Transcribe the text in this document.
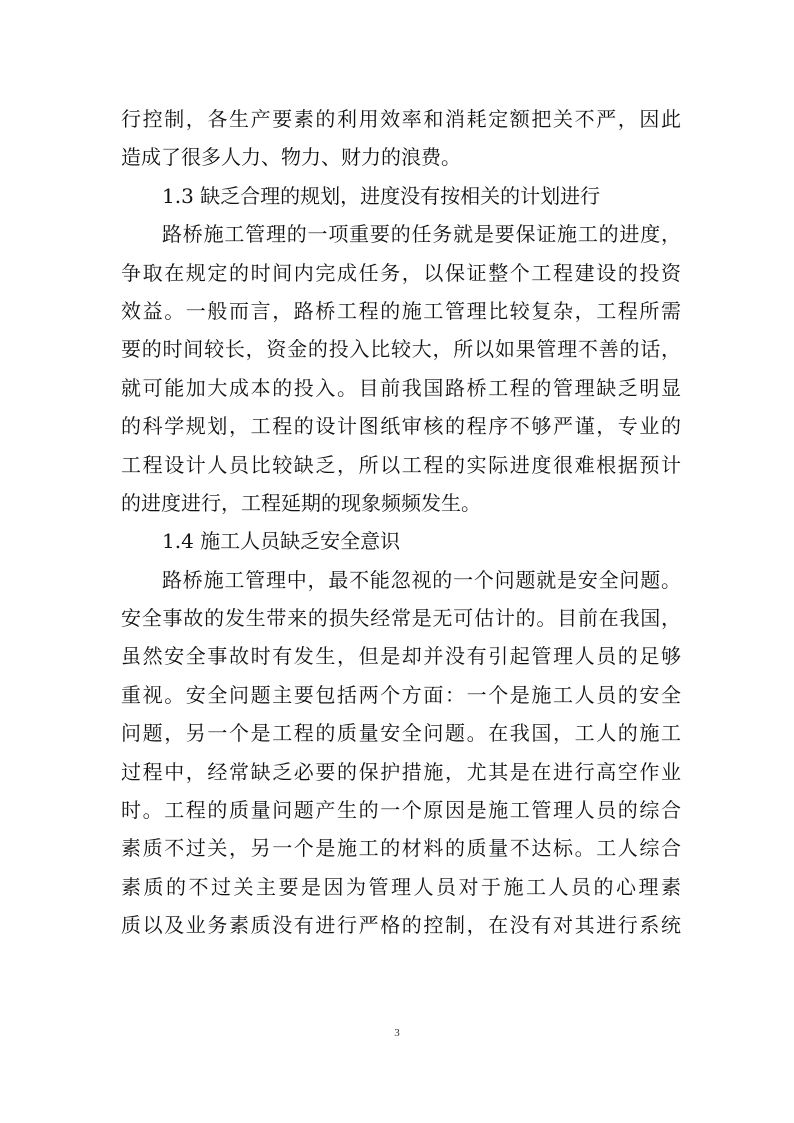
行控制，各生产要素的利用效率和消耗定额把关不严，因此
造成了很多人力、物力、财力的浪费。
1.3 缺乏合理的规划，进度没有按相关的计划进行
路桥施工管理的一项重要的任务就是要保证施工的进度，
争取在规定的时间内完成任务，以保证整个工程建设的投资
效益。一般而言，路桥工程的施工管理比较复杂，工程所需
要的时间较长，资金的投入比较大，所以如果管理不善的话，
就可能加大成本的投入。目前我国路桥工程的管理缺乏明显
的科学规划，工程的设计图纸审核的程序不够严谨，专业的
工程设计人员比较缺乏，所以工程的实际进度很难根据预计
的进度进行，工程延期的现象频频发生。
1.4 施工人员缺乏安全意识
路桥施工管理中，最不能忽视的一个问题就是安全问题。
安全事故的发生带来的损失经常是无可估计的。目前在我国，
虽然安全事故时有发生，但是却并没有引起管理人员的足够
重视。安全问题主要包括两个方面：一个是施工人员的安全
问题，另一个是工程的质量安全问题。在我国，工人的施工
过程中，经常缺乏必要的保护措施，尤其是在进行高空作业
时。工程的质量问题产生的一个原因是施工管理人员的综合
素质不过关，另一个是施工的材料的质量不达标。工人综合
素质的不过关主要是因为管理人员对于施工人员的心理素
质以及业务素质没有进行严格的控制，在没有对其进行系统
3
